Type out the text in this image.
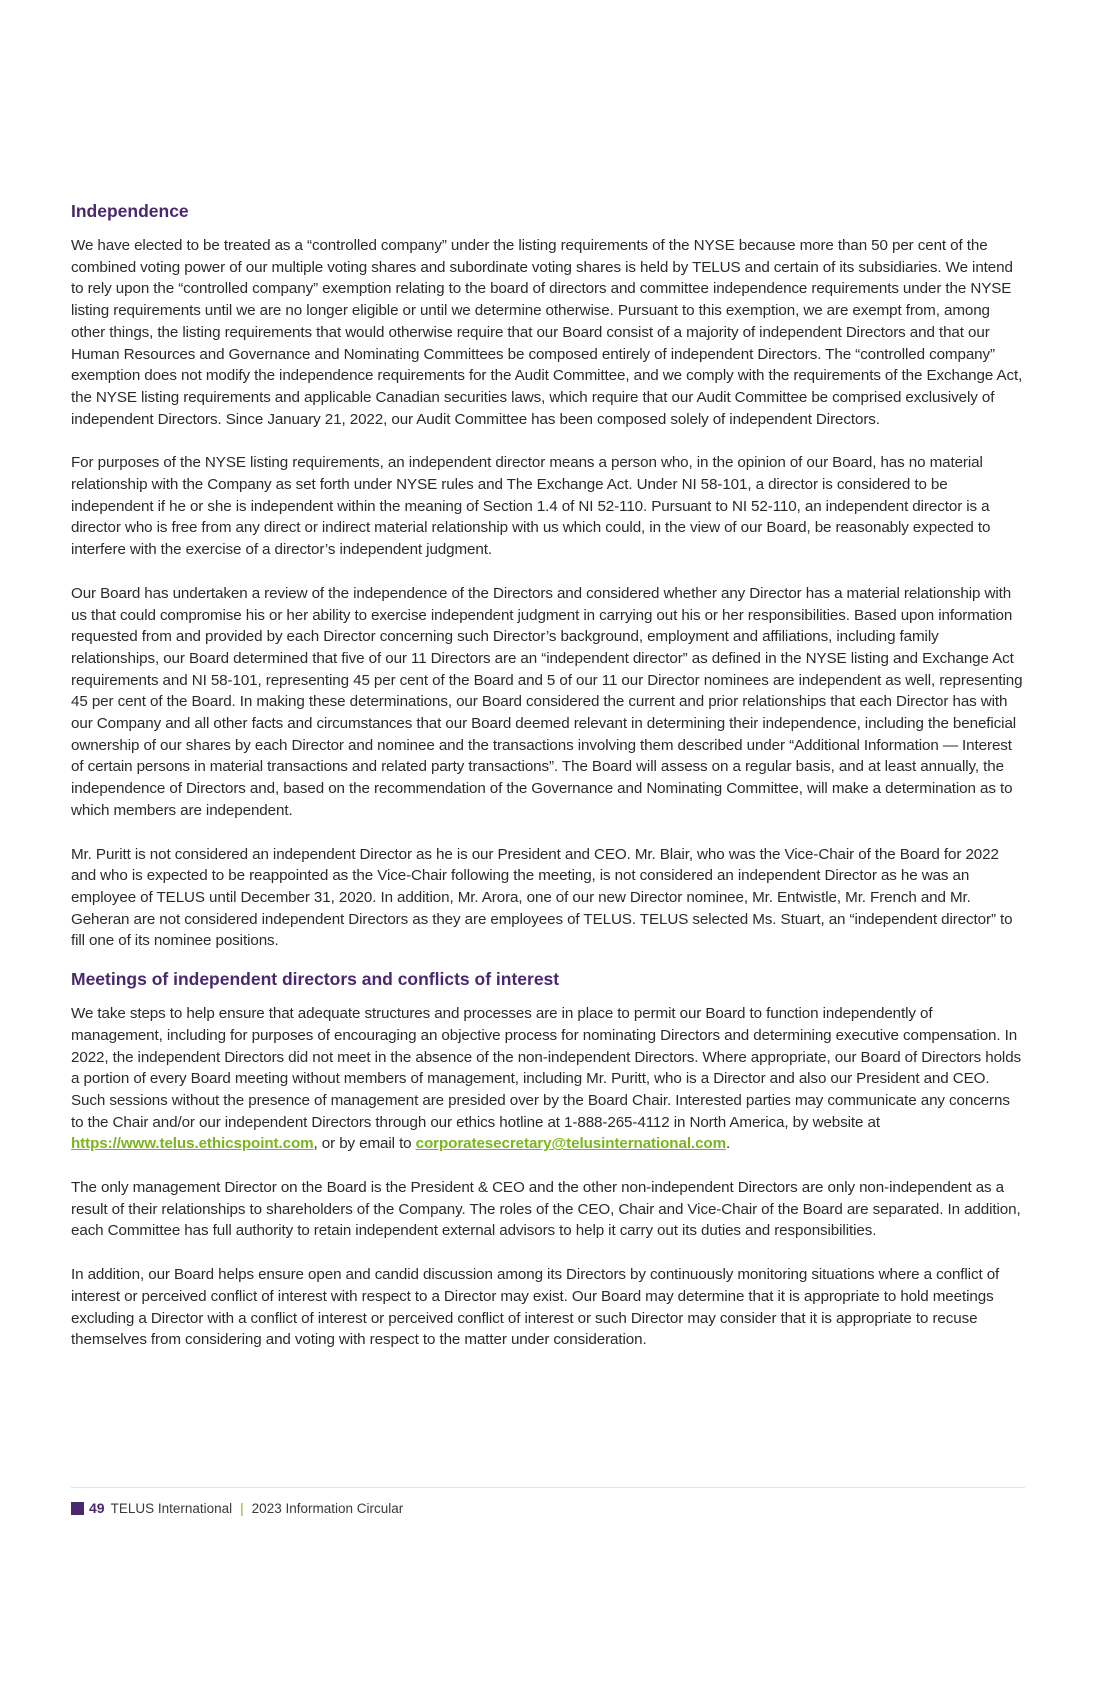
Independence

We have elected to be treated as a “controlled company” under the listing requirements of the NYSE because more than 50 per cent of the combined voting power of our multiple voting shares and subordinate voting shares is held by TELUS and certain of its subsidiaries. We intend to rely upon the “controlled company” exemption relating to the board of directors and committee independence requirements under the NYSE listing requirements until we are no longer eligible or until we determine otherwise. Pursuant to this exemption, we are exempt from, among other things, the listing requirements that would otherwise require that our Board consist of a majority of independent Directors and that our Human Resources and Governance and Nominating Committees be composed entirely of independent Directors. The “controlled company” exemption does not modify the independence requirements for the Audit Committee, and we comply with the requirements of the Exchange Act, the NYSE listing requirements and applicable Canadian securities laws, which require that our Audit Committee be comprised exclusively of independent Directors. Since January 21, 2022, our Audit Committee has been composed solely of independent Directors.

For purposes of the NYSE listing requirements, an independent director means a person who, in the opinion of our Board, has no material relationship with the Company as set forth under NYSE rules and The Exchange Act. Under NI 58-101, a director is considered to be independent if he or she is independent within the meaning of Section 1.4 of NI 52-110. Pursuant to NI 52-110, an independent director is a director who is free from any direct or indirect material relationship with us which could, in the view of our Board, be reasonably expected to interfere with the exercise of a director’s independent judgment.

Our Board has undertaken a review of the independence of the Directors and considered whether any Director has a material relationship with us that could compromise his or her ability to exercise independent judgment in carrying out his or her responsibilities. Based upon information requested from and provided by each Director concerning such Director’s background, employment and affiliations, including family relationships, our Board determined that five of our 11 Directors are an “independent director” as defined in the NYSE listing and Exchange Act requirements and NI 58-101, representing 45 per cent of the Board and 5 of our 11 our Director nominees are independent as well, representing 45 per cent of the Board. In making these determinations, our Board considered the current and prior relationships that each Director has with our Company and all other facts and circumstances that our Board deemed relevant in determining their independence, including the beneficial ownership of our shares by each Director and nominee and the transactions involving them described under “Additional Information — Interest of certain persons in material transactions and related party transactions”. The Board will assess on a regular basis, and at least annually, the independence of Directors and, based on the recommendation of the Governance and Nominating Committee, will make a determination as to which members are independent.

Mr. Puritt is not considered an independent Director as he is our President and CEO. Mr. Blair, who was the Vice-Chair of the Board for 2022 and who is expected to be reappointed as the Vice-Chair following the meeting, is not considered an independent Director as he was an employee of TELUS until December 31, 2020. In addition, Mr. Arora, one of our new Director nominee, Mr. Entwistle, Mr. French and Mr. Geheran are not considered independent Directors as they are employees of TELUS. TELUS selected Ms. Stuart, an “independent director” to fill one of its nominee positions.

Meetings of independent directors and conflicts of interest

We take steps to help ensure that adequate structures and processes are in place to permit our Board to function independently of management, including for purposes of encouraging an objective process for nominating Directors and determining executive compensation. In 2022, the independent Directors did not meet in the absence of the non-independent Directors. Where appropriate, our Board of Directors holds a portion of every Board meeting without members of management, including Mr. Puritt, who is a Director and also our President and CEO. Such sessions without the presence of management are presided over by the Board Chair. Interested parties may communicate any concerns to the Chair and/or our independent Directors through our ethics hotline at 1-888-265-4112 in North America, by website at https://www.telus.ethicspoint.com, or by email to corporatesecretary@telusinternational.com.

The only management Director on the Board is the President & CEO and the other non-independent Directors are only non-independent as a result of their relationships to shareholders of the Company. The roles of the CEO, Chair and Vice-Chair of the Board are separated. In addition, each Committee has full authority to retain independent external advisors to help it carry out its duties and responsibilities.

In addition, our Board helps ensure open and candid discussion among its Directors by continuously monitoring situations where a conflict of interest or perceived conflict of interest with respect to a Director may exist. Our Board may determine that it is appropriate to hold meetings excluding a Director with a conflict of interest or perceived conflict of interest or such Director may consider that it is appropriate to recuse themselves from considering and voting with respect to the matter under consideration.

49 TELUS International | 2023 Information Circular
